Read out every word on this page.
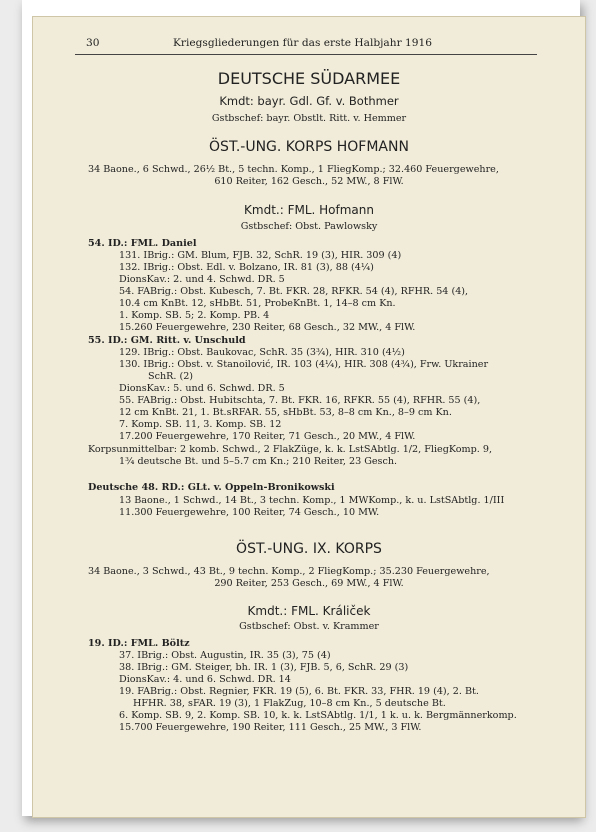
30	Kriegsgliederungen für das erste Halbjahr 1916
DEUTSCHE SÜDARMEE
Kmdt: bayr. Gdl. Gf. v. Bothmer
Gstbschef: bayr. Obstlt. Ritt. v. Hemmer
ÖST.-UNG. KORPS HOFMANN
34 Baone., 6 Schwd., 26½ Bt., 5 techn. Komp., 1 FliegKomp.; 32.460 Feuergewehre,
610 Reiter, 162 Gesch., 52 MW., 8 FlW.
Kmdt.: FML. Hofmann
Gstbschef: Obst. Pawlowsky
54. ID.: FML. Daniel
131. IBrig.: GM. Blum, FJB. 32, SchR. 19 (3), HIR. 309 (4)
132. IBrig.: Obst. Edl. v. Bolzano, IR. 81 (3), 88 (4¼)
DionsKav.: 2. und 4. Schwd. DR. 5
54. FABrig.: Obst. Kubesch, 7. Bt. FKR. 28, RFKR. 54 (4), RFHR. 54 (4),
10.4 cm KnBt. 12, sHbBt. 51, ProbeKnBt. 1, 14–8 cm Kn.
1. Komp. SB. 5; 2. Komp. PB. 4
15.260 Feuergewehre, 230 Reiter, 68 Gesch., 32 MW., 4 FlW.
55. ID.: GM. Ritt. v. Unschuld
129. IBrig.: Obst. Baukovac, SchR. 35 (3¾), HIR. 310 (4½)
130. IBrig.: Obst. v. Stanoilović, IR. 103 (4¼), HIR. 308 (4¾), Frw. Ukrainer
SchR. (2)
DionsKav.: 5. und 6. Schwd. DR. 5
55. FABrig.: Obst. Hubitschta, 7. Bt. FKR. 16, RFKR. 55 (4), RFHR. 55 (4),
12 cm KnBt. 21, 1. Bt.sRFAR. 55, sHbBt. 53, 8–8 cm Kn., 8–9 cm Kn.
7. Komp. SB. 11, 3. Komp. SB. 12
17.200 Feuergewehre, 170 Reiter, 71 Gesch., 20 MW., 4 FlW.
Korpsunmittelbar: 2 komb. Schwd., 2 FlakZüge, k. k. LstSAbtlg. 1/2, FliegKomp. 9,
1¾ deutsche Bt. und 5–5.7 cm Kn.; 210 Reiter, 23 Gesch.
Deutsche 48. RD.: GLt. v. Oppeln-Bronikowski
13 Baone., 1 Schwd., 14 Bt., 3 techn. Komp., 1 MWKomp., k. u. LstSAbtlg. 1/III
11.300 Feuergewehre, 100 Reiter, 74 Gesch., 10 MW.
ÖST.-UNG. IX. KORPS
34 Baone., 3 Schwd., 43 Bt., 9 techn. Komp., 2 FliegKomp.; 35.230 Feuergewehre,
290 Reiter, 253 Gesch., 69 MW., 4 FlW.
Kmdt.: FML. Králiček
Gstbschef: Obst. v. Krammer
19. ID.: FML. Böltz
37. IBrig.: Obst. Augustin, IR. 35 (3), 75 (4)
38. IBrig.: GM. Steiger, bh. IR. 1 (3), FJB. 5, 6, SchR. 29 (3)
DionsKav.: 4. und 6. Schwd. DR. 14
19. FABrig.: Obst. Regnier, FKR. 19 (5), 6. Bt. FKR. 33, FHR. 19 (4), 2. Bt.
HFHR. 38, sFAR. 19 (3), 1 FlakZug, 10–8 cm Kn., 5 deutsche Bt.
6. Komp. SB. 9, 2. Komp. SB. 10, k. k. LstSAbtlg. 1/1, 1 k. u. k. Bergmännerkomp.
15.700 Feuergewehre, 190 Reiter, 111 Gesch., 25 MW., 3 FlW.
